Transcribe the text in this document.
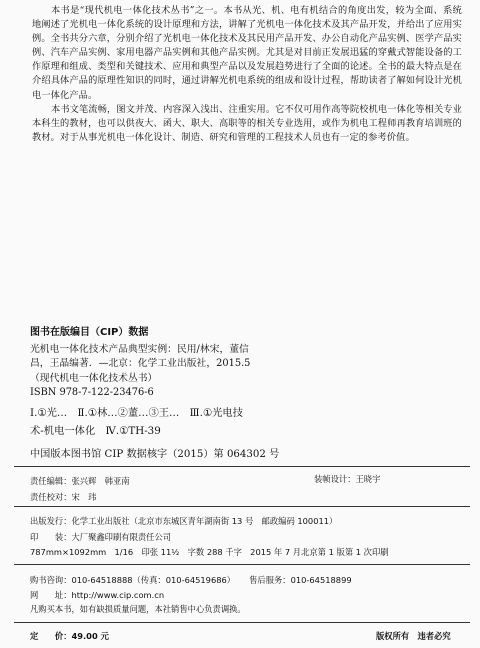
本书是“现代机电一体化技术丛书”之一。本书从光、机、电有机结合的角度出发，较为全面、系统地阐述了光机电一体化系统的设计原理和方法，讲解了光机电一体化技术及其产品开发，并给出了应用实例。全书共分六章，分别介绍了光机电一体化技术及其民用产品开发、办公自动化产品实例、医学产品实例、汽车产品实例、家用电器产品实例和其他产品实例。尤其是对目前正发展迅猛的穿戴式智能设备的工作原理和组成、类型和关键技术、应用和典型产品以及发展趋势进行了全面的论述。全书的最大特点是在介绍具体产品的原理性知识的同时，通过讲解光机电系统的组成和设计过程，帮助读者了解如何设计光机电一体化产品。

本书文笔流畅，图文并茂、内容深入浅出、注重实用。它不仅可用作高等院校机电一体化等相关专业本科生的教材，也可以供夜大、函大、职大、高职等的相关专业选用，或作为机电工程师再教育培训班的教材。对于从事光机电一体化设计、制造、研究和管理的工程技术人员也有一定的参考价值。

图书在版编目（CIP）数据
光机电一体化技术产品典型实例：民用/林宋，董信
昌，王晶编著．—北京：化学工业出版社，2015.5
（现代机电一体化技术丛书）
ISBN 978-7-122-23476-6
Ⅰ.①光…　Ⅱ.①林…②董…③王…　Ⅲ.①光电技
术-机电一体化　Ⅳ.①TH-39
中国版本图书馆 CIP 数据核字（2015）第 064302 号
责任编辑：张兴辉　韩亚南
责任校对：宋　玮
装帧设计：王晓宇
出版发行：化学工业出版社（北京市东城区青年湖南街 13 号　邮政编码 100011）
印　　装：大厂聚鑫印刷有限责任公司
787mm×1092mm　1/16　印张 11½　字数 288 千字　2015 年 7 月北京第 1 版第 1 次印刷
购书咨询：010-64518888（传真：010-64519686） 售后服务：010-64518899
网　　址：http://www.cip.com.cn
凡购买本书，如有缺损质量问题，本社销售中心负责调换。
定　　价：49.00 元	版权所有　违者必究
